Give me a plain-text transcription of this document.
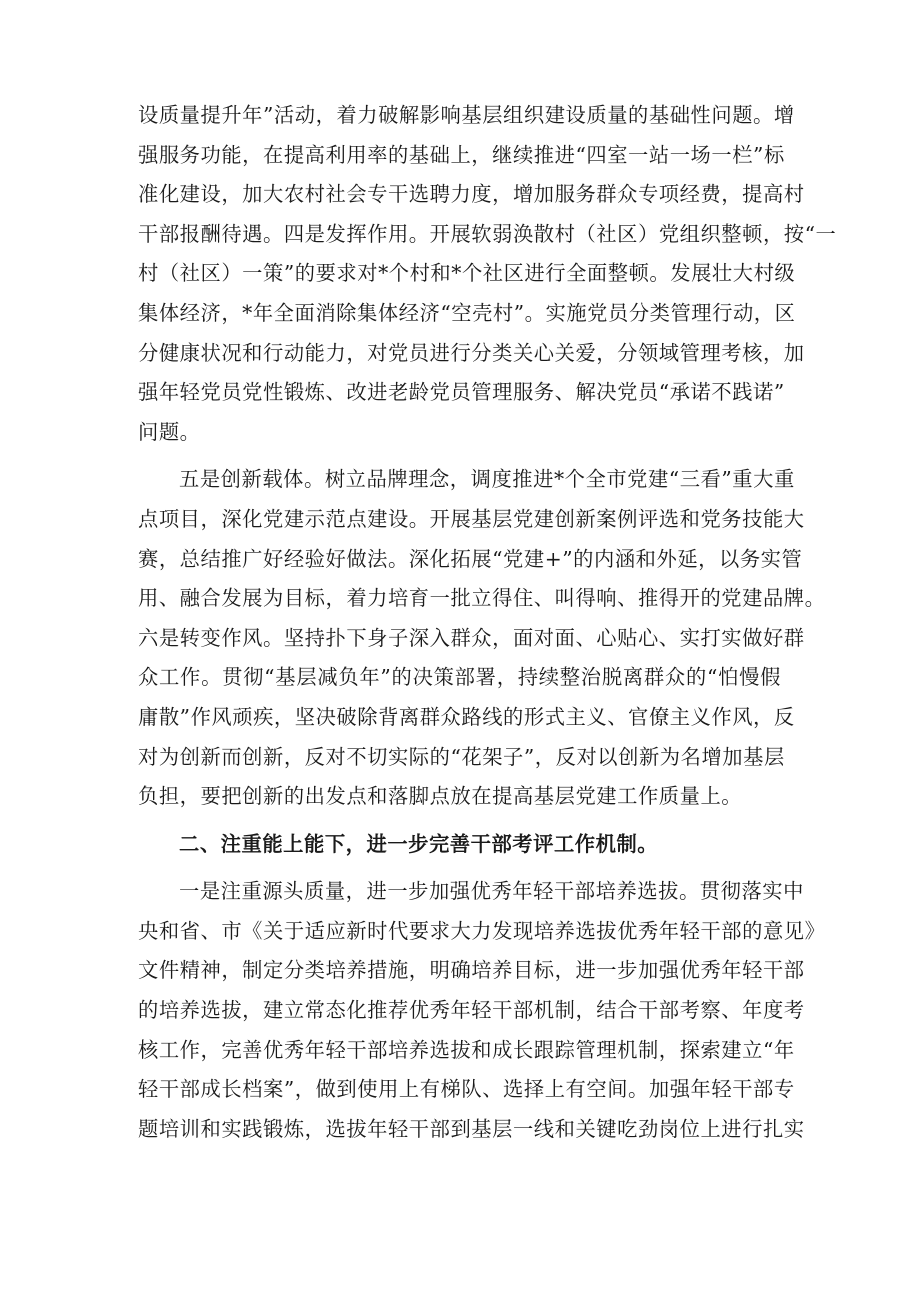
设质量提升年”活动，着力破解影响基层组织建设质量的基础性问题。增
强服务功能，在提高利用率的基础上，继续推进“四室一站一场一栏”标
准化建设，加大农村社会专干选聘力度，增加服务群众专项经费，提高村
干部报酬待遇。四是发挥作用。开展软弱涣散村（社区）党组织整顿，按“一
村（社区）一策”的要求对*个村和*个社区进行全面整顿。发展壮大村级
集体经济，*年全面消除集体经济“空壳村”。实施党员分类管理行动，区
分健康状况和行动能力，对党员进行分类关心关爱，分领域管理考核，加
强年轻党员党性锻炼、改进老龄党员管理服务、解决党员“承诺不践诺”
问题。
五是创新载体。树立品牌理念，调度推进*个全市党建“三看”重大重
点项目，深化党建示范点建设。开展基层党建创新案例评选和党务技能大
赛，总结推广好经验好做法。深化拓展“党建+”的内涵和外延，以务实管
用、融合发展为目标，着力培育一批立得住、叫得响、推得开的党建品牌。
六是转变作风。坚持扑下身子深入群众，面对面、心贴心、实打实做好群
众工作。贯彻“基层减负年”的决策部署，持续整治脱离群众的“怕慢假
庸散”作风顽疾，坚决破除背离群众路线的形式主义、官僚主义作风，反
对为创新而创新，反对不切实际的“花架子”，反对以创新为名增加基层
负担，要把创新的出发点和落脚点放在提高基层党建工作质量上。
二、注重能上能下，进一步完善干部考评工作机制。
一是注重源头质量，进一步加强优秀年轻干部培养选拔。贯彻落实中
央和省、市《关于适应新时代要求大力发现培养选拔优秀年轻干部的意见》
文件精神，制定分类培养措施，明确培养目标，进一步加强优秀年轻干部
的培养选拔，建立常态化推荐优秀年轻干部机制，结合干部考察、年度考
核工作，完善优秀年轻干部培养选拔和成长跟踪管理机制，探索建立“年
轻干部成长档案”，做到使用上有梯队、选择上有空间。加强年轻干部专
题培训和实践锻炼，选拔年轻干部到基层一线和关键吃劲岗位上进行扎实
